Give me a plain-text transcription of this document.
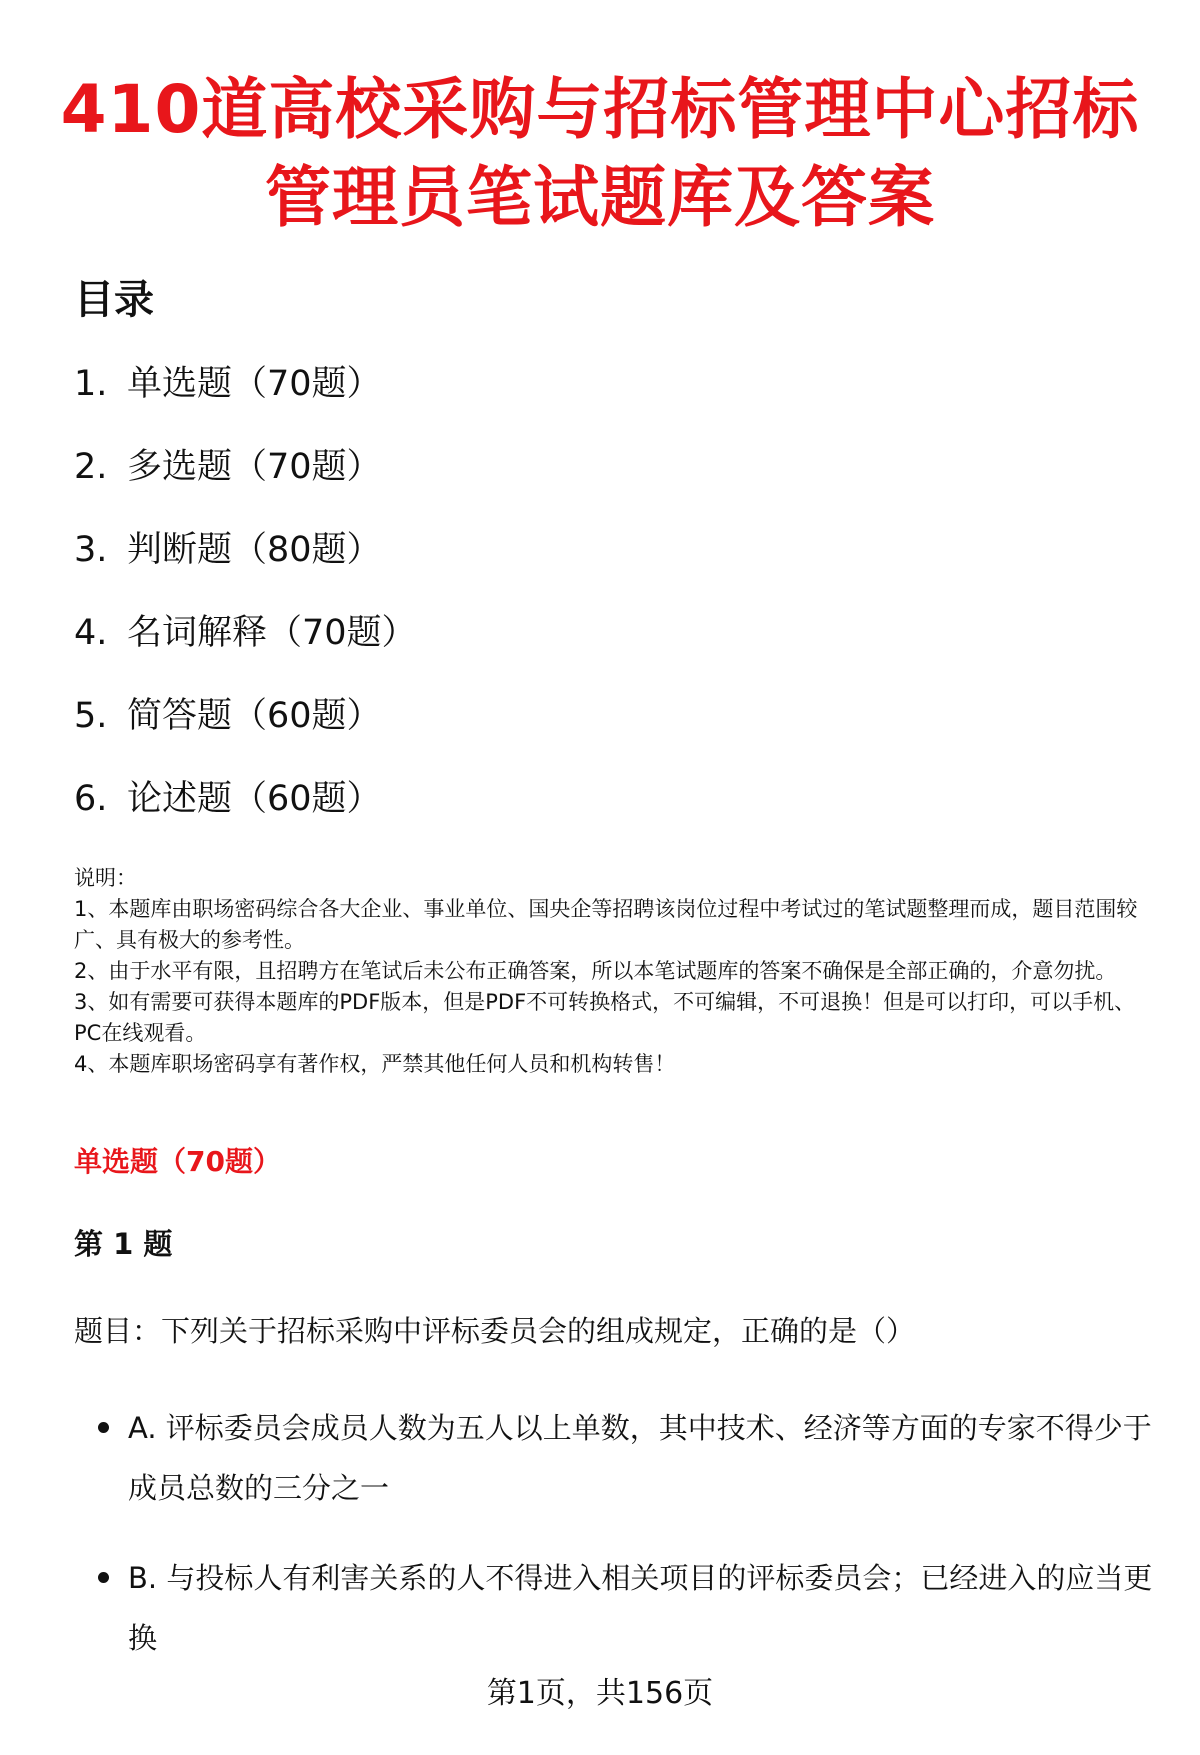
410道高校采购与招标管理中心招标
管理员笔试题库及答案
目录
1. 单选题（70题）
2. 多选题（70题）
3. 判断题（80题）
4. 名词解释（70题）
5. 简答题（60题）
6. 论述题（60题）

说明：

1、本题库由职场密码综合各大企业、事业单位、国央企等招聘该岗位过程中考试过的笔试题整理而成，题目范围较广、具有极大的参考性。

2、由于水平有限，且招聘方在笔试后未公布正确答案，所以本笔试题库的答案不确保是全部正确的，介意勿扰。

3、如有需要可获得本题库的PDF版本，但是PDF不可转换格式，不可编辑，不可退换！但是可以打印，可以手机、PC在线观看。

4、本题库职场密码享有著作权，严禁其他任何人员和机构转售！

单选题（70题）
第 1 题

题目：下列关于招标采购中评标委员会的组成规定，正确的是（）

A. 评标委员会成员人数为五人以上单数，其中技术、经济等方面的专家不得少于成员总数的三分之一
B. 与投标人有利害关系的人不得进入相关项目的评标委员会；已经进入的应当更换

第1页，共156页
